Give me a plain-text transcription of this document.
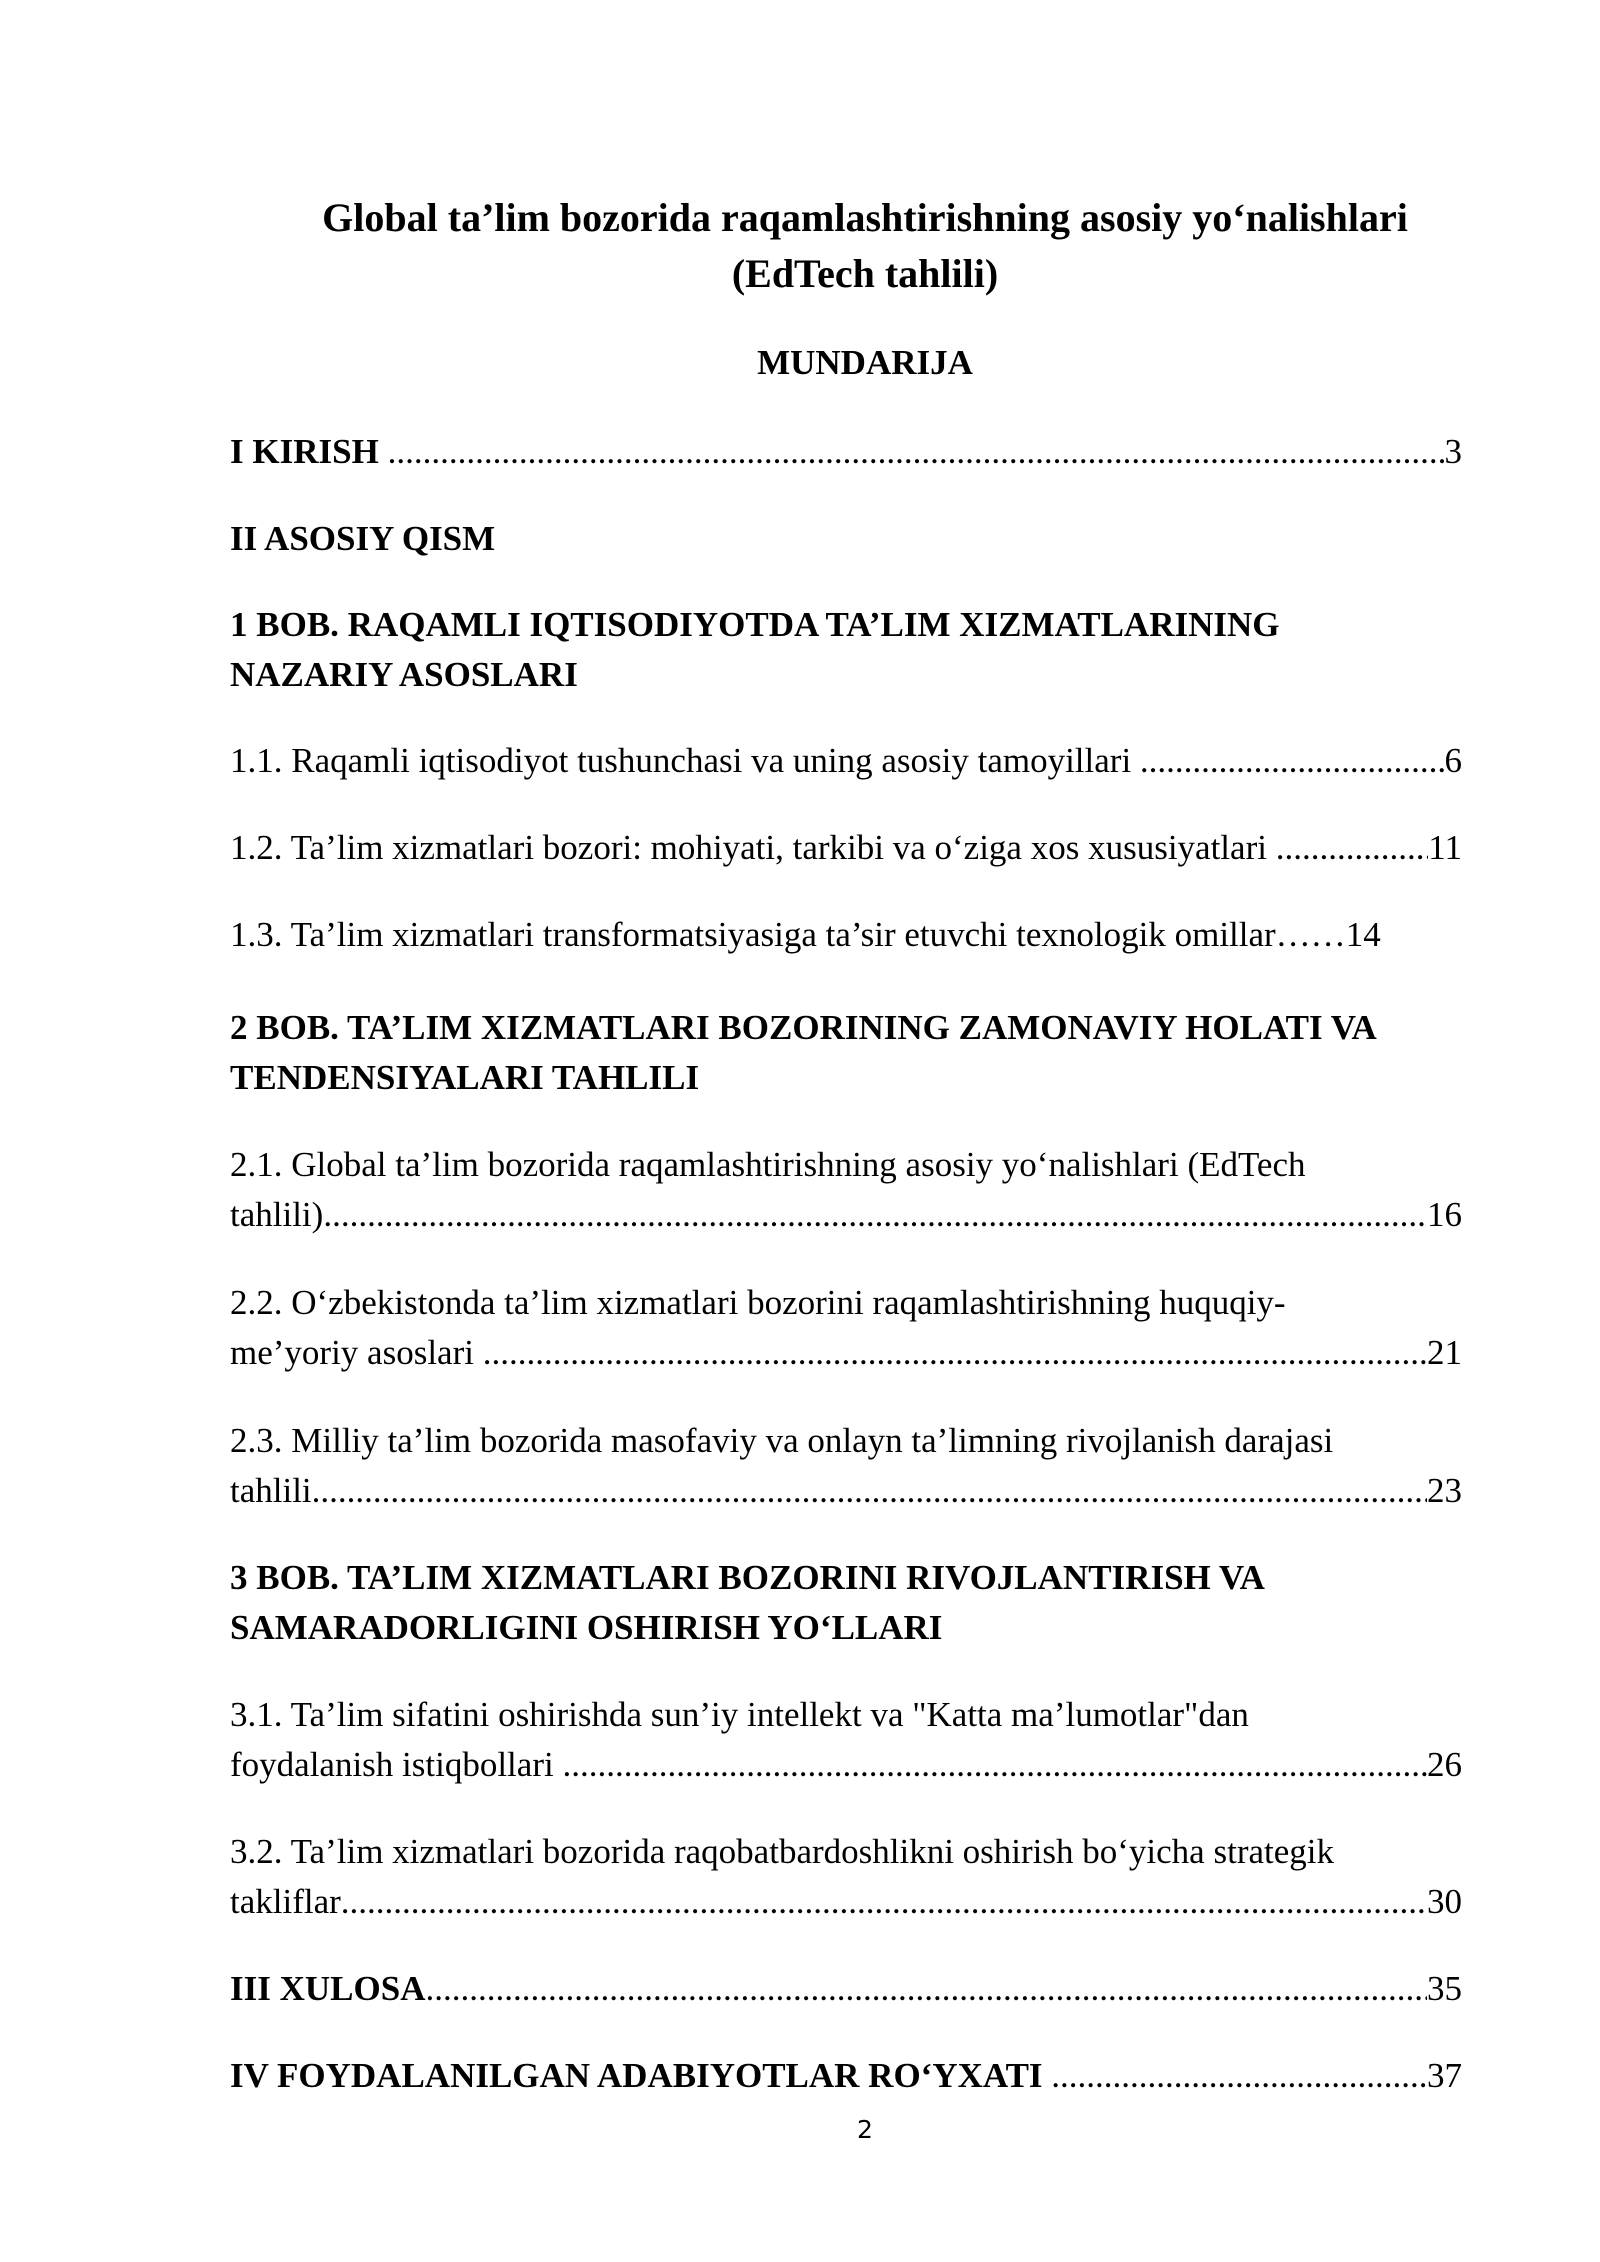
Global ta’lim bozorida raqamlashtirishning asosiy yo‘nalishlari
(EdTech tahlili)
MUNDARIJA
I KIRISH .....	3
II ASOSIY QISM
1 BOB. RAQAMLI IQTISODIYOTDA TA’LIM XIZMATLARINING
NAZARIY ASOSLARI
1.1. Raqamli iqtisodiyot tushunchasi va uning asosiy tamoyillari .....	6
1.2. Ta’lim xizmatlari bozori: mohiyati, tarkibi va o‘ziga xos xususiyatlari .....	11
1.3. Ta’lim xizmatlari transformatsiyasiga ta’sir etuvchi texnologik omillar…… 14
2 BOB. TA’LIM XIZMATLARI BOZORINING ZAMONAVIY HOLATI VA
TENDENSIYALARI TAHLILI
2.1. Global ta’lim bozorida raqamlashtirishning asosiy yo‘nalishlari (EdTech
tahlili) .....	16
2.2. O‘zbekistonda ta’lim xizmatlari bozorini raqamlashtirishning huquqiy-
me’yoriy asoslari .....	21
2.3. Milliy ta’lim bozorida masofaviy va onlayn ta’limning rivojlanish darajasi
tahlili .....	23
3 BOB. TA’LIM XIZMATLARI BOZORINI RIVOJLANTIRISH VA
SAMARADORLIGINI OSHIRISH YO‘LLARI
3.1. Ta’lim sifatini oshirishda sun’iy intellekt va "Katta ma’lumotlar"dan
foydalanish istiqbollari .....	26
3.2. Ta’lim xizmatlari bozorida raqobatbardoshlikni oshirish bo‘yicha strategik
takliflar .....	30
III XULOSA .....	35
IV FOYDALANILGAN ADABIYOTLAR RO‘YXATI .....	37
2
